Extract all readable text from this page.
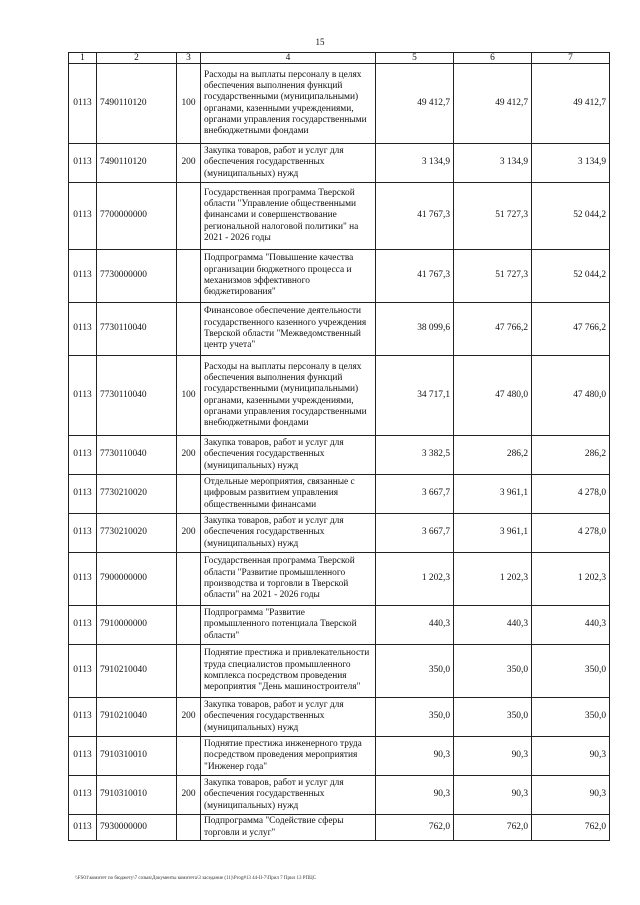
15
1	2	3	4	5	6	7
0113	7490110120	100	Расходы на выплаты персоналу в целях обеспечения выполнения функций государственными (муниципальными) органами, казенными учреждениями, органами управления государственными внебюджетными фондами	49 412,7	49 412,7	49 412,7
0113	7490110120	200	Закупка товаров, работ и услуг для обеспечения государственных (муниципальных) нужд	3 134,9	3 134,9	3 134,9
0113	7700000000		Государственная программа Тверской области "Управление общественными финансами и совершенствование региональной налоговой политики" на 2021 - 2026 годы	41 767,3	51 727,3	52 044,2
0113	7730000000		Подпрограмма "Повышение качества организации бюджетного процесса и механизмов эффективного бюджетирования"	41 767,3	51 727,3	52 044,2
0113	7730110040		Финансовое обеспечение деятельности государственного казенного учреждения Тверской области "Межведомственный центр учета"	38 099,6	47 766,2	47 766,2
0113	7730110040	100	Расходы на выплаты персоналу в целях обеспечения выполнения функций государственными (муниципальными) органами, казенными учреждениями, органами управления государственными внебюджетными фондами	34 717,1	47 480,0	47 480,0
0113	7730110040	200	Закупка товаров, работ и услуг для обеспечения государственных (муниципальных) нужд	3 382,5	286,2	286,2
0113	7730210020		Отдельные мероприятия, связанные с цифровым развитием управления общественными финансами	3 667,7	3 961,1	4 278,0
0113	7730210020	200	Закупка товаров, работ и услуг для обеспечения государственных (муниципальных) нужд	3 667,7	3 961,1	4 278,0
0113	7900000000		Государственная программа Тверской области "Развитие промышленного производства и торговли в Тверской области" на 2021 - 2026 годы	1 202,3	1 202,3	1 202,3
0113	7910000000		Подпрограмма "Развитие промышленного потенциала Тверской области"	440,3	440,3	440,3
0113	7910210040		Поднятие престижа и привлекательности труда специалистов промышленного комплекса посредством проведения мероприятия "День машиностроителя"	350,0	350,0	350,0
0113	7910210040	200	Закупка товаров, работ и услуг для обеспечения государственных (муниципальных) нужд	350,0	350,0	350,0
0113	7910310010		Поднятие престижа инженерного труда посредством проведения мероприятия "Инженер года"	90,3	90,3	90,3
0113	7910310010	200	Закупка товаров, работ и услуг для обеспечения государственных (муниципальных) нужд	90,3	90,3	90,3
0113	7930000000		Подпрограмма "Содействие сферы торговли и услуг"	762,0	762,0	762,0
\\FS01\комитет по бюджету\7 созыв\Документы комитета\3 заседание (11)\Prog#13 44-II-7\Прил 7 Прил 13 РПЦС
